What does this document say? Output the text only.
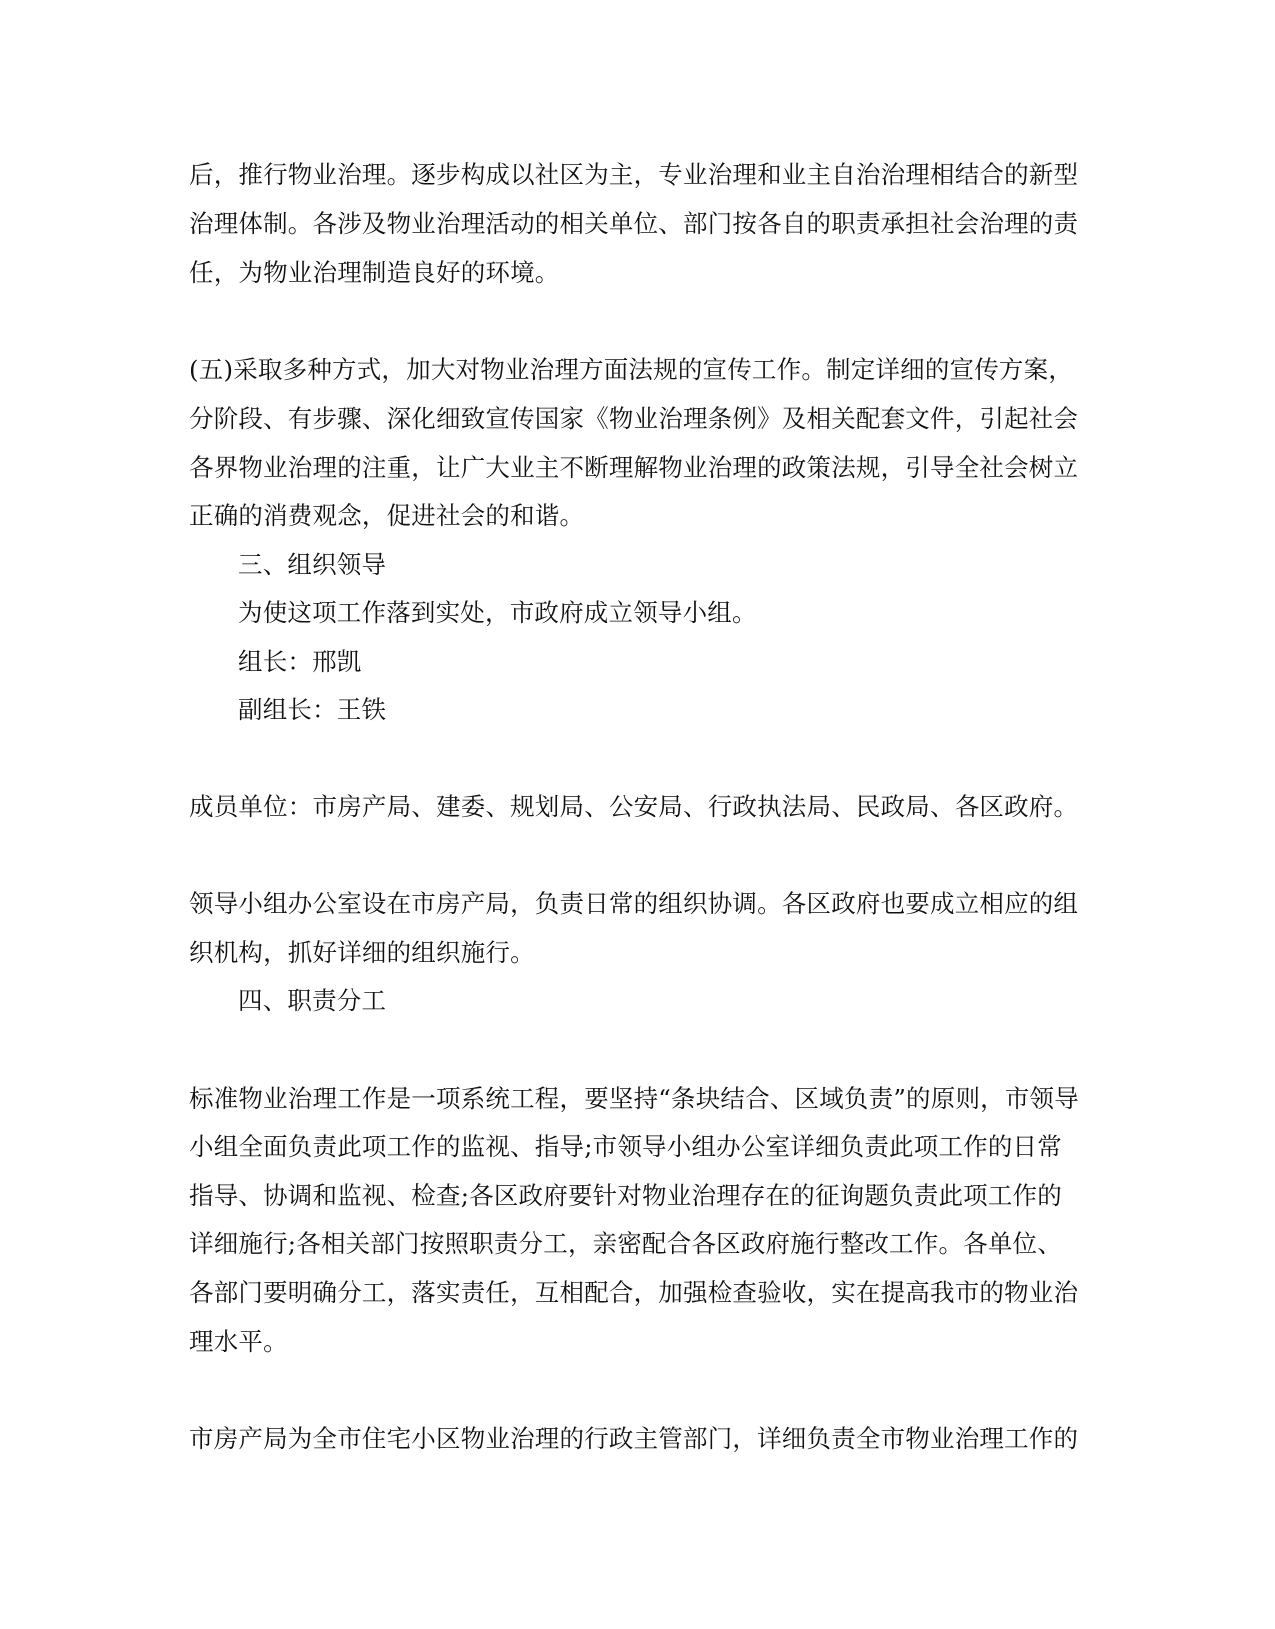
后，推行物业治理。逐步构成以社区为主，专业治理和业主自治治理相结合的新型
治理体制。各涉及物业治理活动的相关单位、部门按各自的职责承担社会治理的责
任，为物业治理制造良好的环境。
(五)采取多种方式，加大对物业治理方面法规的宣传工作。制定详细的宣传方案，
分阶段、有步骤、深化细致宣传国家《物业治理条例》及相关配套文件，引起社会
各界物业治理的注重，让广大业主不断理解物业治理的政策法规，引导全社会树立
正确的消费观念，促进社会的和谐。
三、组织领导
为使这项工作落到实处，市政府成立领导小组。
组长：邢凯
副组长：王铁
成员单位：市房产局、建委、规划局、公安局、行政执法局、民政局、各区政府。
领导小组办公室设在市房产局，负责日常的组织协调。各区政府也要成立相应的组
织机构，抓好详细的组织施行。
四、职责分工
标准物业治理工作是一项系统工程，要坚持“条块结合、区域负责”的原则，市领导
小组全面负责此项工作的监视、指导;市领导小组办公室详细负责此项工作的日常
指导、协调和监视、检查;各区政府要针对物业治理存在的征询题负责此项工作的
详细施行;各相关部门按照职责分工，亲密配合各区政府施行整改工作。各单位、
各部门要明确分工，落实责任，互相配合，加强检查验收，实在提高我市的物业治
理水平。
市房产局为全市住宅小区物业治理的行政主管部门，详细负责全市物业治理工作的
